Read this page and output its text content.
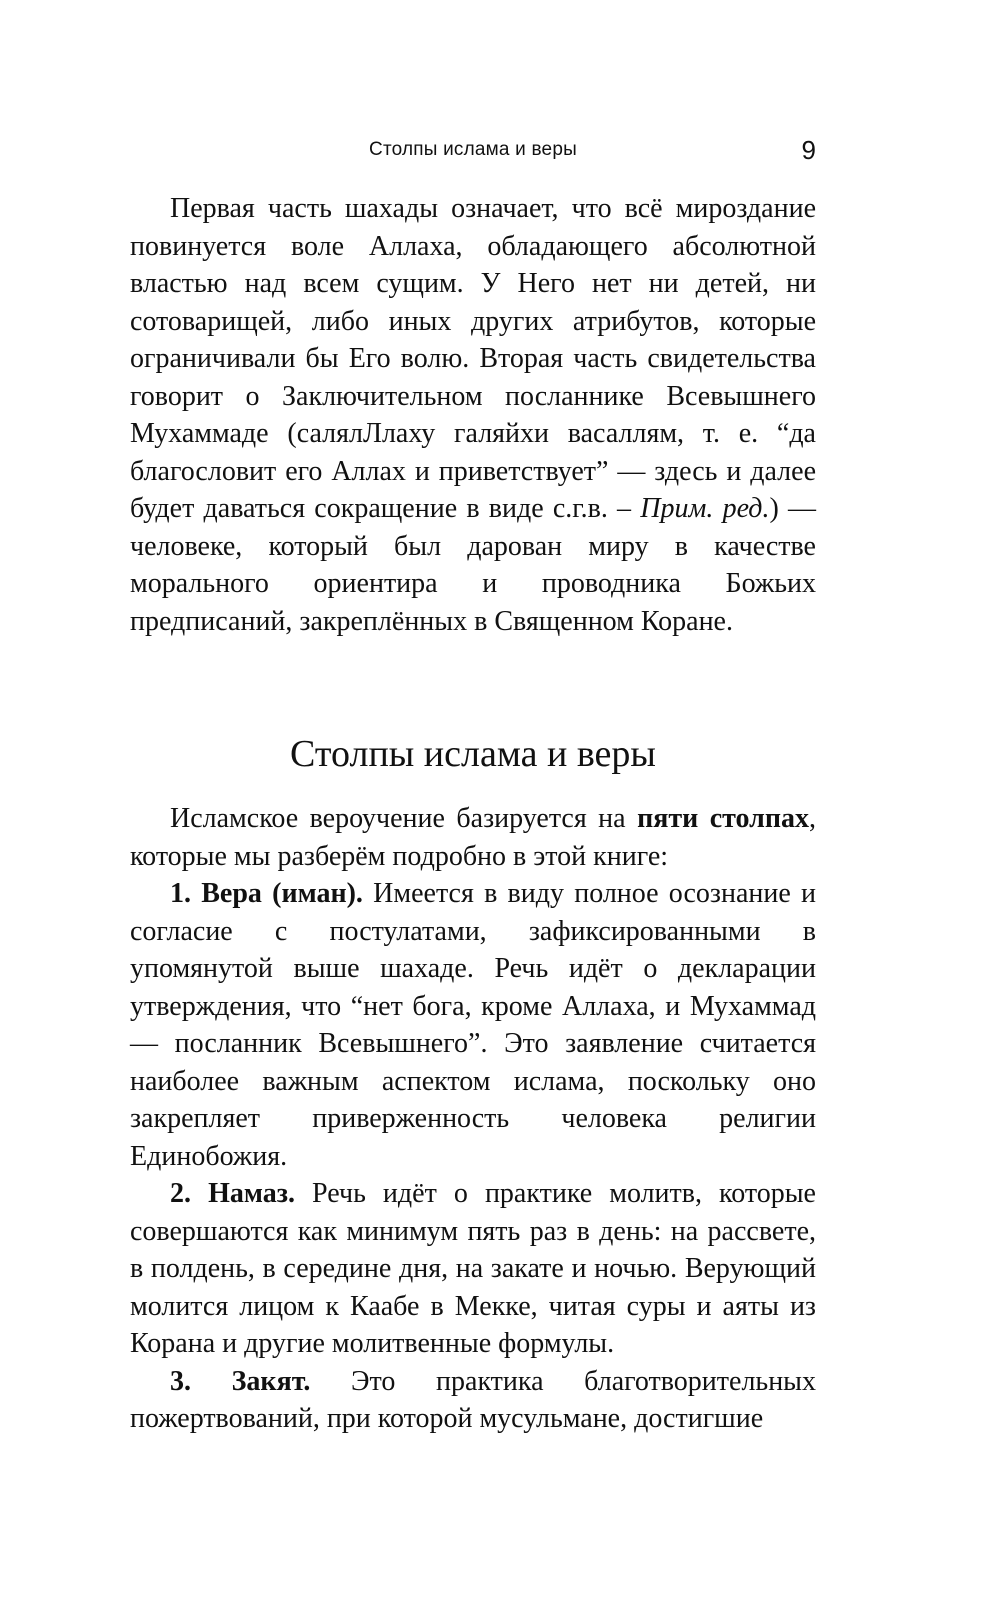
Столпы ислама и веры	9

Первая часть шахады означает, что всё мироздание повинуется воле Аллаха, обладающего абсолютной властью над всем сущим. У Него нет ни детей, ни сотоварищей, либо иных других атрибутов, которые ограничивали бы Его волю. Вторая часть свидетельства говорит о Заключительном посланнике Всевышнего Мухаммаде (салялЛлаху галяйхи васаллям, т. е. “да благословит его Аллах и приветствует” — здесь и далее будет даваться сокращение в виде с.г.в. – Прим. ред.) — человеке, который был дарован миру в качестве морального ориентира и проводника Божьих предписаний, закреплённых в Священном Коране.

Столпы ислама и веры

Исламское вероучение базируется на пяти столпах, которые мы разберём подробно в этой книге:

1. Вера (иман). Имеется в виду полное осознание и согласие с постулатами, зафиксированными в упомянутой выше шахаде. Речь идёт о декларации утверждения, что “нет бога, кроме Аллаха, и Мухаммад — посланник Всевышнего”. Это заявление считается наиболее важным аспектом ислама, поскольку оно закрепляет приверженность человека религии Единобожия.

2. Намаз. Речь идёт о практике молитв, которые совершаются как минимум пять раз в день: на рассвете, в полдень, в середине дня, на закате и ночью. Верующий молится лицом к Каабе в Мекке, читая суры и аяты из Корана и другие молитвенные формулы.

3. Закят. Это практика благотворительных пожертвований, при которой мусульмане, достигшие
